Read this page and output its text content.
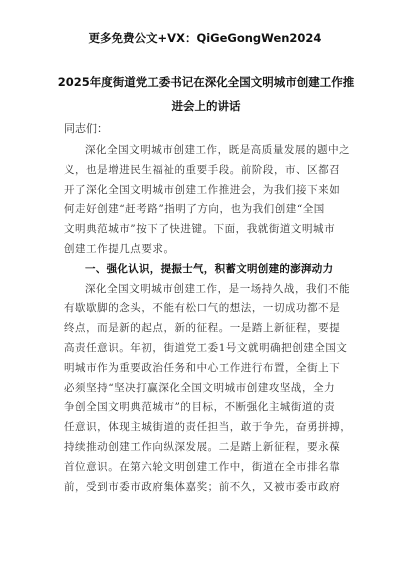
更多免费公文+VX：QiGeGongWen2024
2025年度街道党工委书记在深化全国文明城市创建工作推
进会上的讲话
同志们：
深化全国文明城市创建工作，既是高质量发展的题中之
义，也是增进民生福祉的重要手段。前阶段，市、区都召
开了深化全国文明城市创建工作推进会，为我们接下来如
何走好创建“赶考路”指明了方向，也为我们创建“全国
文明典范城市”按下了快进键。下面，我就街道文明城市
创建工作提几点要求。
一、强化认识，提振士气，积蓄文明创建的澎湃动力
深化全国文明城市创建工作，是一场持久战，我们不能
有歇歇脚的念头，不能有松口气的想法，一切成功都不是
终点，而是新的起点，新的征程。一是踏上新征程，要提
高责任意识。年初，街道党工委1号文就明确把创建全国文
明城市作为重要政治任务和中心工作进行布置，全街上下
必须坚持“坚决打赢深化全国文明城市创建攻坚战，全力
争创全国文明典范城市”的目标，不断强化主城街道的责
任意识，体现主城街道的责任担当，敢于争先，奋勇拼搏，
持续推动创建工作向纵深发展。二是踏上新征程，要永葆
首位意识。在第六轮文明创建工作中，街道在全市排名靠
前，受到市委市政府集体嘉奖；前不久，又被市委市政府
